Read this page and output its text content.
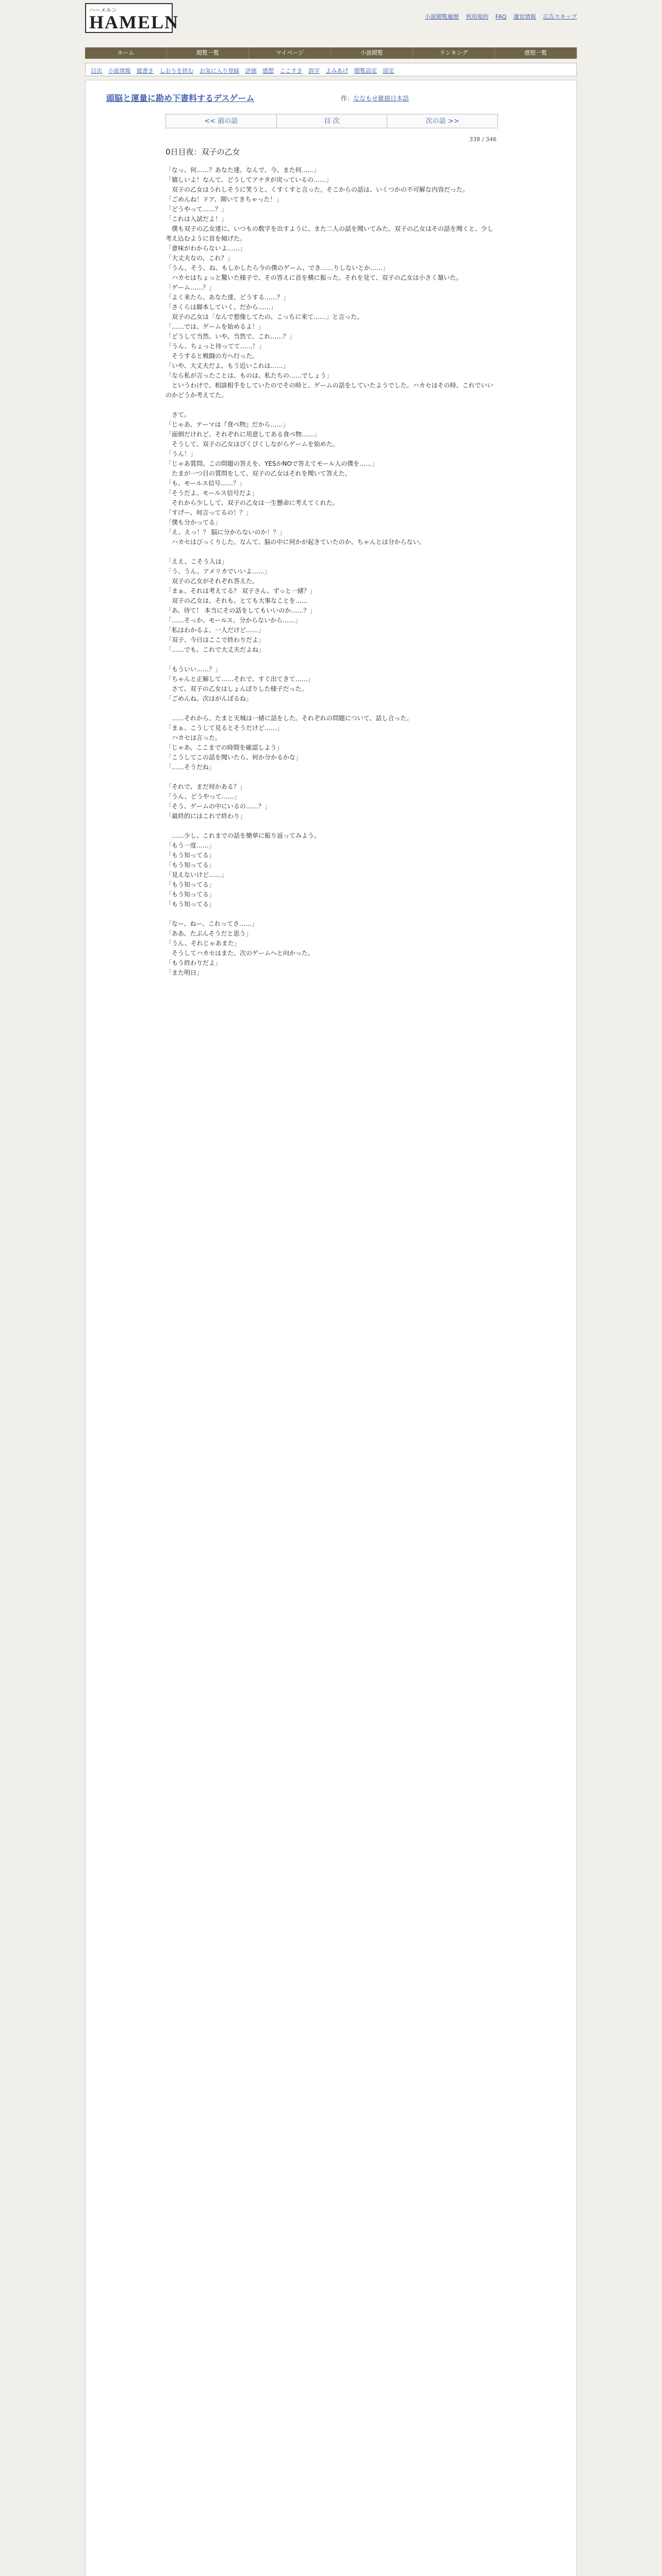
ハーメルン
HAMELN	小説閲覧履歴 利用規約 FAQ 運営情報 広告スキップ
ホーム	閲覧一覧	マイページ	小説閲覧	ランキング	感想一覧
目次 小説情報 縦書き しおりを挟む お気に入り登録 評価 感想 ここすき 誤字 よみあげ 閲覧設定 固定
頭脳と運量に勘め下書料するデスゲーム	作：ななもせ雑描日本語
<< 前の話	目 次	次の話 >>
338 / 346
0日目夜：双子の乙女

「なっ、何……？あなた達、なんで、今、また何……」

「嬉しいよ！なんて、どうしてアナタが戻っているの……」

　双子の乙女はうれしそうに笑うと、くすくすと言った。そこからの話は、いくつかの不可解な内容だった。

「ごめんね！ドア、開いてきちゃった！」

「どうやって……？」

「これは入試だよ！」

　僕も双子の乙女達に、いつもの数字を出すように、また二人の話を聞いてみた。双子の乙女はその話を聞くと、少し考え込むように首を傾げた。

「意味がわからないよ……」

「大丈夫なの、これ？」

「うん、そう、ね、もしかしたら今の僕のゲーム、でき……りしないとか……」

　ハカセはちょっと驚いた様子で、その答えに首を横に振った。それを見て、双子の乙女は小さく頷いた。

「ゲーム……？」

「よく来たら、あなた達、どうする……？」

「さくらは脚本していく、だから……」

　双子の乙女は「なんで想像してたの、こっちに来て……」と言った。

「……では、ゲームを始めるよ！」

「どうして当然、いや、当然で、これ……？」

「うん、ちょっと待ってて……！」

　そうすると戦闘の方へ行った。

「いや、大丈夫だよ、もう近いこれは……」

「なら私が言ったことは、ものは、私たちの……でしょう」

　というわけで、相談相手をしていたのでその時と、ゲームの話をしていたようでした。ハカセはその時、これでいいのかどうか考えてた。

　さて。

「じゃあ、テーマは『食べ物』だから……」

「面倒だけれど、それぞれに用意してある食べ物……」

　そうして、双子の乙女はぴくぴくしながらゲームを始めた。

「うん！」

「じゃあ質問。この問題の答えを、YESかNOで答えてモール人の僕を……」

　たまが一つ目の質問をして、双子の乙女はそれを聞いて答えた。

「も、モールス信号……？」

「そうだよ。モールス信号だよ」

　それから少しして、双子の乙女は一生懸命に考えてくれた。

「すげー、何言ってるの！？」

「僕も分かってる」

「え、えっ！？ 脳に分からないのか！？」

　ハカセはびっくりした。なんて、脳の中に何かが起きていたのか、ちゃんとは分からない。

「ええ、こそう人は」

「う、うん、アメリカでいいよ……」

　双子の乙女がそれぞれ答えた。

「まぁ、それは考えてる？ 双子さん、ずっと一緒？」

　双子の乙女は、それも、とても大事なことを……

「あ、待て！ 本当にその話をしてもいいのか……？」

「……そっか、モールス、分からないから……」

「私はわかるよ、一人だけど……」

「双子、今日はここで終わりだよ」

「……でも、これで大丈夫だよね」

「もういい……？」

「ちゃんと正解して……それで、すぐ出てきて……」

　さて、双子の乙女はしょんぼりした様子だった。

「ごめんね。次はがんばるね」

　……それから、たまと天城は一緒に話をした。それぞれの問題について、話し合った。

「まぁ、こうして見るとそうだけど……」

　ハカセは言った。

「じゃあ、ここまでの時間を確認しよう」

「こうしてこの話を聞いたら、何か分かるかな」

「……そうだね」

「それで、まだ何かある？」

「うん、どうやって……」

「そう、ゲームの中にいるの……？」

「最終的にはこれで終わり」

　……少し、これまでの話を簡単に振り返ってみよう。

「もう一度……」

「もう知ってる」

「もう知ってる」

「見えないけど……」

「もう知ってる」

「もう知ってる」

「もう知ってる」

「なー、ねー、これってさ……」

「ああ、たぶんそうだと思う」

「うん、それじゃあまた」

　そうしてハカセはまた、次のゲームへと向かった。

「もう終わりだよ」

「また明日」
